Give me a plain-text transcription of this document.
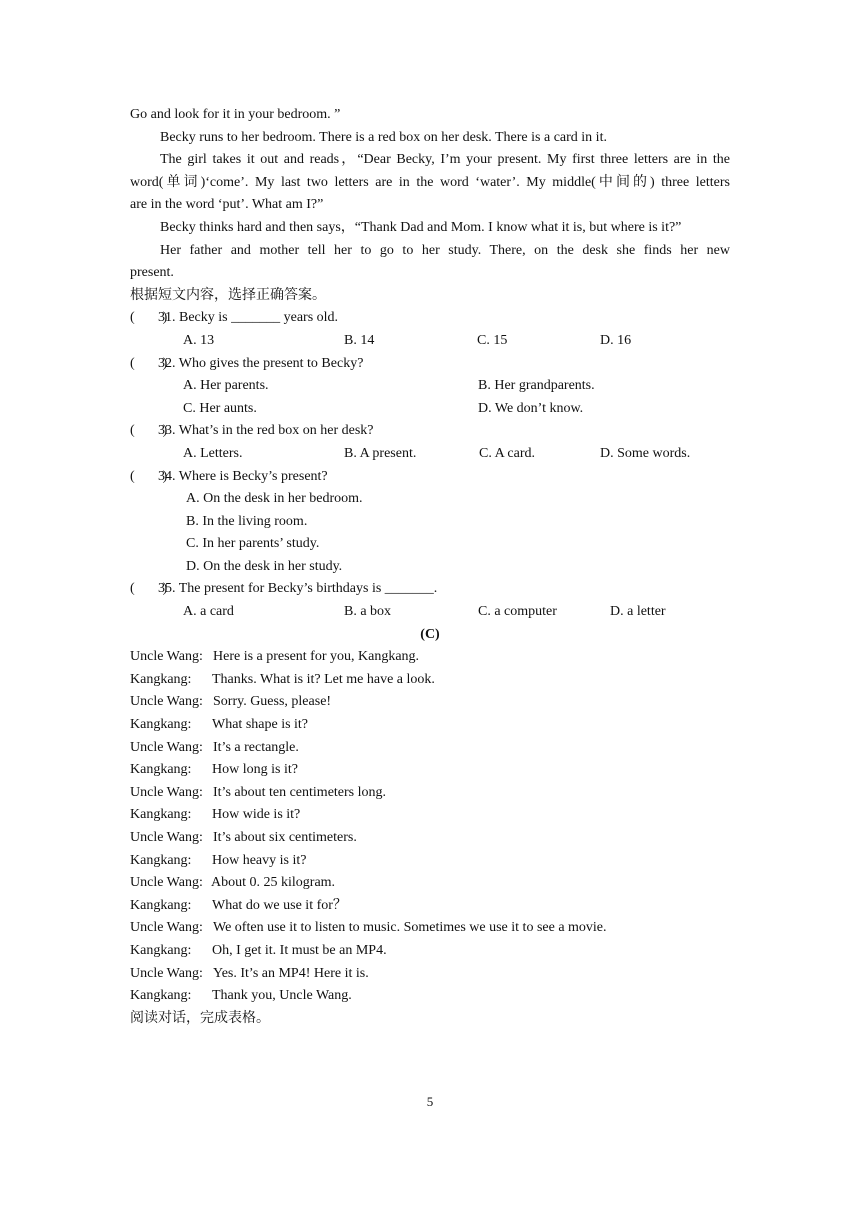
Go and look for it in your bedroom. ”
Becky runs to her bedroom. There is a red box on her desk. There is a card in it.
The girl takes it out and reads，“Dear Becky, I’m your present. My first three letters are in the
word(单词)‘come’. My last two letters are in the word ‘water’. My middle(中间的) three letters
are in the word ‘put’. What am I?”
Becky thinks hard and then says，“Thank Dad and Mom. I know what it is, but where is it?”
Her father and mother tell her to go to her study. There, on the desk she finds her new
present.
根据短文内容，选择正确答案。
(　　)
31. Becky is _______ years old.
A. 13	B. 14	C. 15	D. 16
(　　)
32. Who gives the present to Becky?
A. Her parents.	B. Her grandparents.
C. Her aunts.	D. We don’t know.
(　　)
33. What’s in the red box on her desk?
A. Letters.	B. A present.	C. A card.	D. Some words.
(　　)
34. Where is Becky’s present?
A. On the desk in her bedroom.
B. In the living room.
C. In her parents’ study.
D. On the desk in her study.
(　　)
35. The present for Becky’s birthdays is _______.
A. a card	B. a box	C. a computer	D. a letter
(C)
Uncle Wang: Here is a present for you, Kangkang.
Kangkang: Thanks. What is it? Let me have a look.
Uncle Wang: Sorry. Guess, please!
Kangkang: What shape is it?
Uncle Wang: It’s a rectangle.
Kangkang: How long is it?
Uncle Wang: It’s about ten centimeters long.
Kangkang: How wide is it?
Uncle Wang: It’s about six centimeters.
Kangkang: How heavy is it?
Uncle Wang: About 0. 25 kilogram.
Kangkang: What do we use it for？
Uncle Wang: We often use it to listen to music. Sometimes we use it to see a movie.
Kangkang: Oh, I get it. It must be an MP4.
Uncle Wang: Yes. It’s an MP4! Here it is.
Kangkang: Thank you, Uncle Wang.
阅读对话，完成表格。
5
